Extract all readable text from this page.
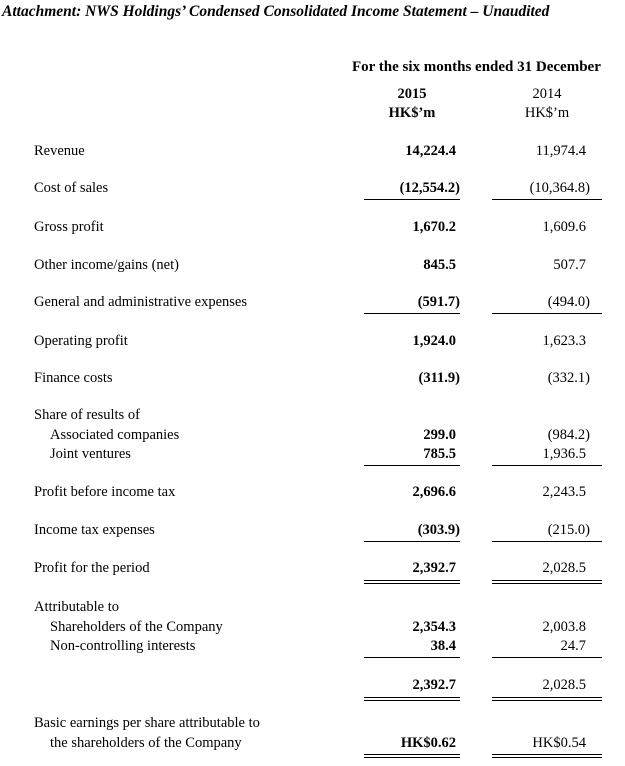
Attachment: NWS Holdings’ Condensed Consolidated Income Statement – Unaudited
For the six months ended 31 December
2015
HK$’m
2014
HK$’m
Revenue	14,224.4	11,974.4
Cost of sales	(12,554.2)	(10,364.8)
Gross profit	1,670.2	1,609.6
Other income/gains (net)	845.5	507.7
General and administrative expenses	(591.7)	(494.0)
Operating profit	1,924.0	1,623.3
Finance costs	(311.9)	(332.1)
Share of results of
Associated companies	299.0	(984.2)
Joint ventures	785.5	1,936.5
Profit before income tax	2,696.6	2,243.5
Income tax expenses	(303.9)	(215.0)
Profit for the period	2,392.7	2,028.5
Attributable to
Shareholders of the Company	2,354.3	2,003.8
Non-controlling interests	38.4	24.7
2,392.7	2,028.5
Basic earnings per share attributable to
the shareholders of the Company	HK$0.62	HK$0.54
